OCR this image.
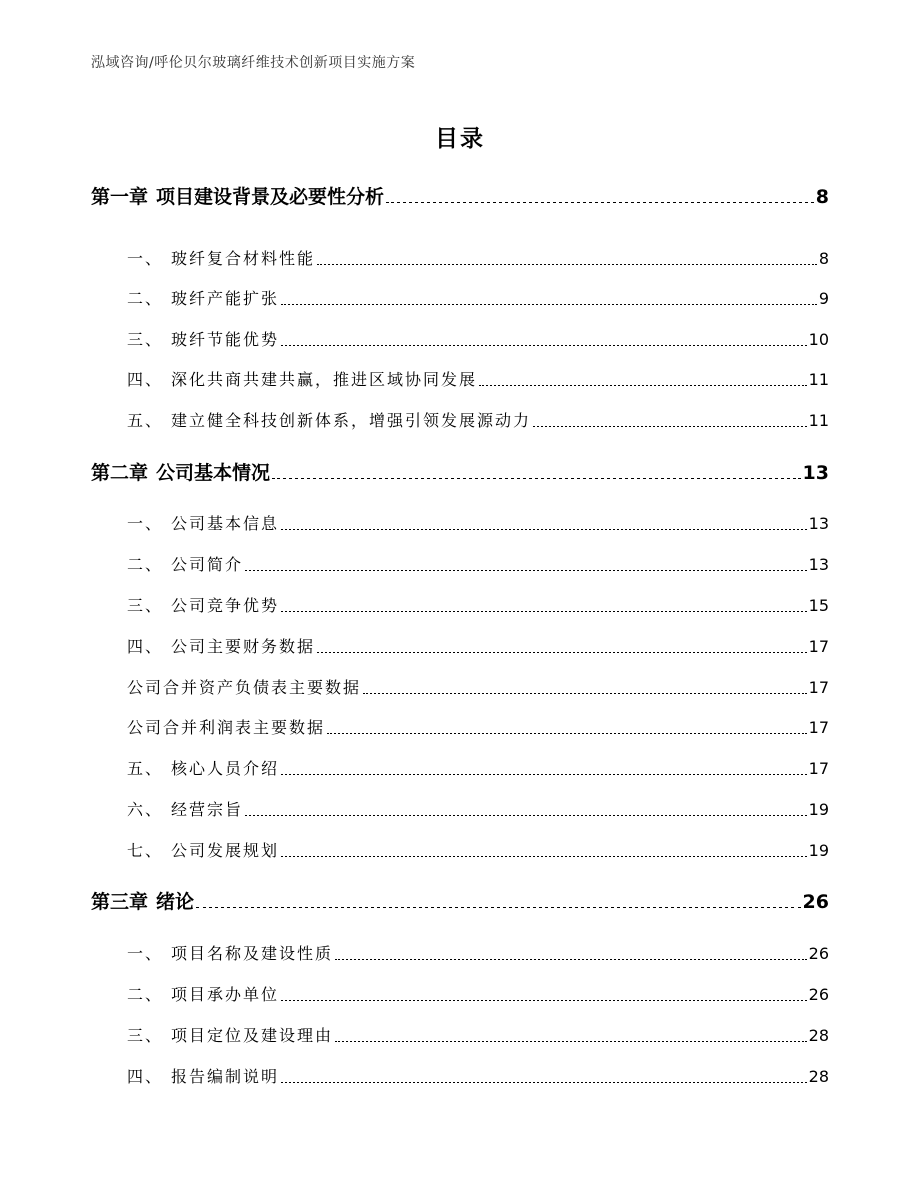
泓域咨询/呼伦贝尔玻璃纤维技术创新项目实施方案
目录
第一章 项目建设背景及必要性分析	8
一、 玻纤复合材料性能	8
二、 玻纤产能扩张	9
三、 玻纤节能优势	10
四、 深化共商共建共赢，推进区域协同发展	11
五、 建立健全科技创新体系，增强引领发展源动力	11
第二章 公司基本情况	13
一、 公司基本信息	13
二、 公司简介	13
三、 公司竞争优势	15
四、 公司主要财务数据	17
公司合并资产负债表主要数据	17
公司合并利润表主要数据	17
五、 核心人员介绍	17
六、 经营宗旨	19
七、 公司发展规划	19
第三章 绪论	26
一、 项目名称及建设性质	26
二、 项目承办单位	26
三、 项目定位及建设理由	28
四、 报告编制说明	28
